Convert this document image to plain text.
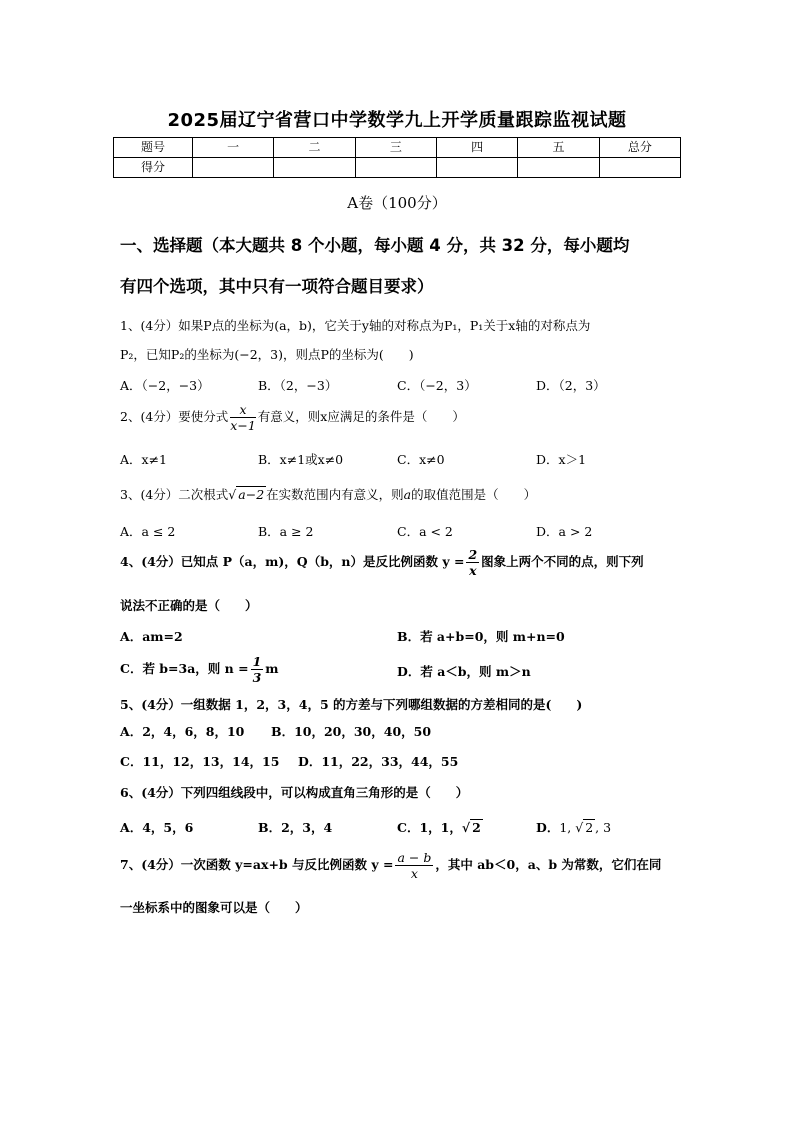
2025届辽宁省营口中学数学九上开学质量跟踪监视试题
题号	一	二	三	四	五	总分
得分						
A卷（100分）
一、选择题（本大题共 8 个小题，每小题 4 分，共 32 分，每小题均
有四个选项，其中只有一项符合题目要求）
1、(4分）如果P点的坐标为(a，b)，它关于y轴的对称点为P₁，P₁关于x轴的对称点为
P₂，已知P₂的坐标为(−2，3)，则点P的坐标为(　　)
A．（−2，−3）	B．（2，−3）	C．（−2，3）	D．（2，3）
2、(4分）要使分式 $\frac{x}{x-1}$ 有意义，则x应满足的条件是（　　）
A．x≠1	B．x≠1或x≠0	C．x≠0	D．x＞1
3、(4分）二次根式√ a−2 在实数范围内有意义，则a的取值范围是（　　）
A．a ≤ 2	B．a ≥ 2	C．a < 2	D．a > 2
4、(4分）已知点 P（a，m)，Q（b，n）是反比例函数 $y = \frac{2}{x}$ 图象上两个不同的点，则下列
说法不正确的是（　　）
A．am=2	B．若 a+b=0，则 m+n=0
C．若 b=3a，则 $n = \frac{1}{3}$ m	D．若 a＜b，则 m＞n
5、(4分）一组数据 1，2，3，4，5 的方差与下列哪组数据的方差相同的是(　　)
A．2，4，6，8，10 B．10，20，30，40，50
C．11，12，13，14，15 D．11，22，33，44，55
6、(4分）下列四组线段中，可以构成直角三角形的是（　　）
A．4，5，6	B．2，3，4	C．1，1，√ 2	D．1, √ 2 , 3
7、(4分）一次函数 y=ax+b 与反比例函数 $y = \frac{a - b}{x}$ ，其中 ab＜0，a、b 为常数，它们在同
一坐标系中的图象可以是（　　）
